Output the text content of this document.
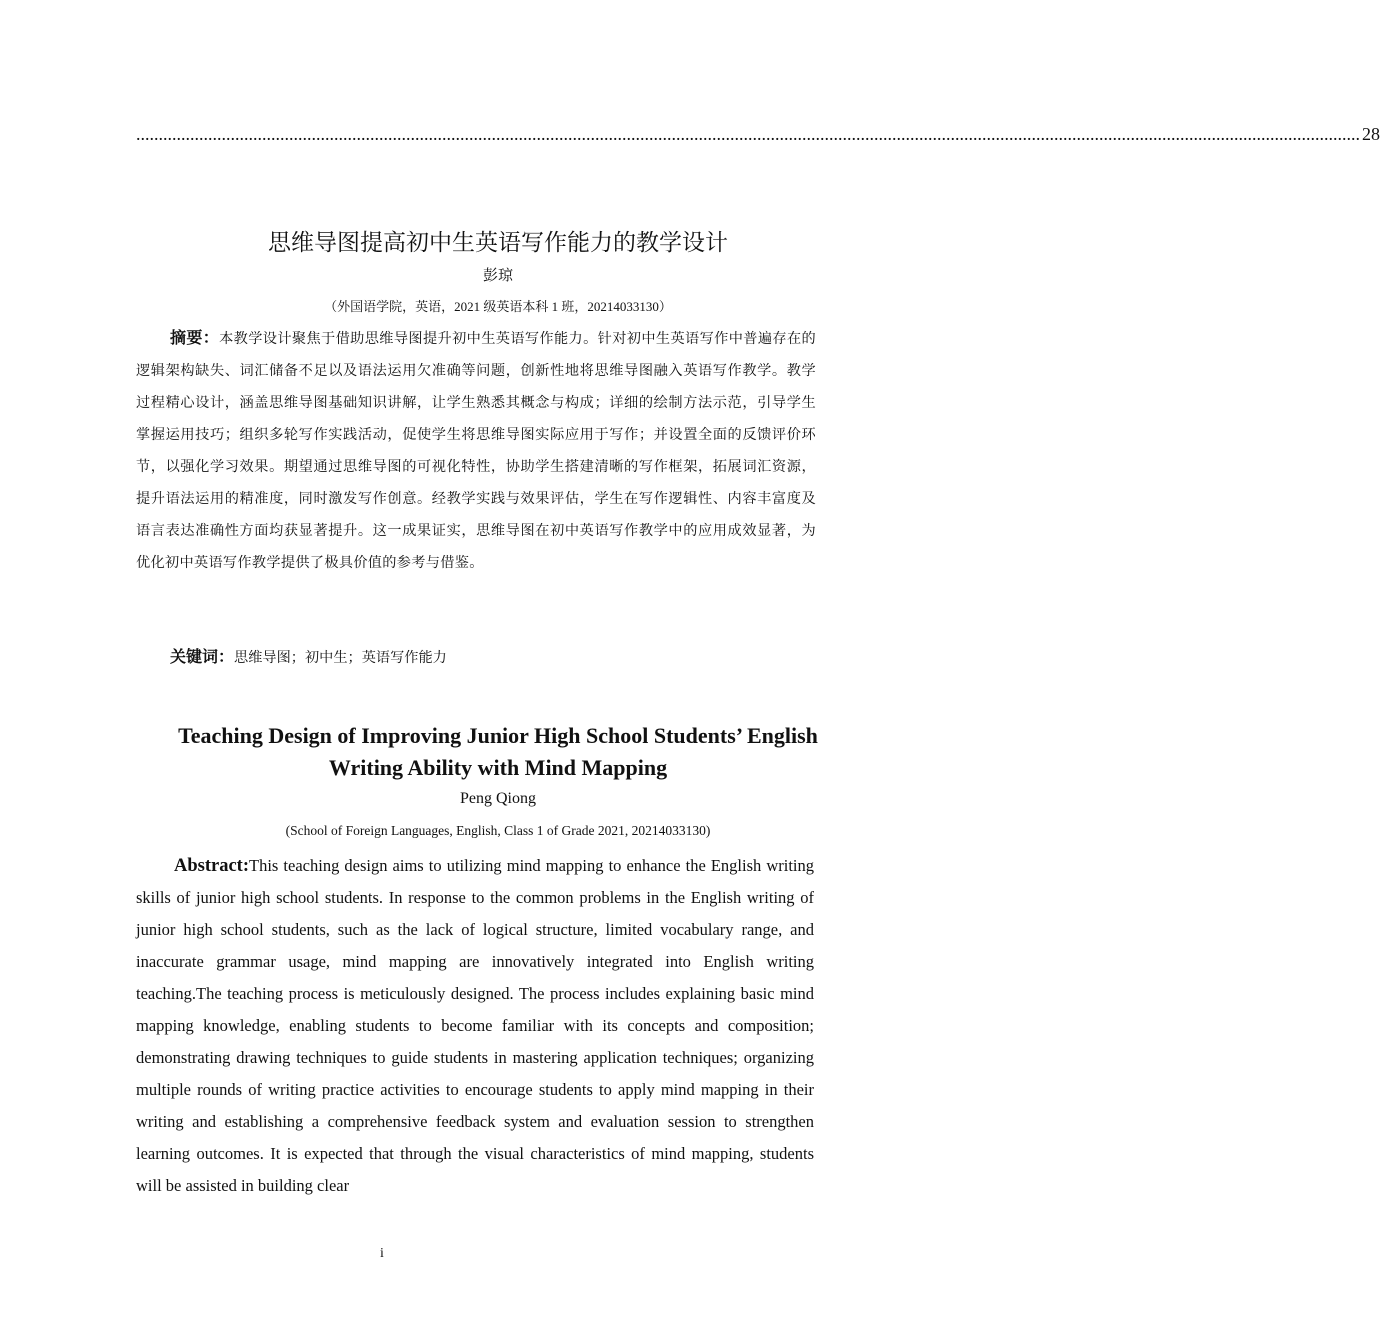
................................................................................................................................................................................................................................................................................ 28
思维导图提高初中生英语写作能力的教学设计
彭琼
（外国语学院，英语，2021 级英语本科 1 班，20214033130）
摘要：本教学设计聚焦于借助思维导图提升初中生英语写作能力。针对初中生英语写作中普遍存在的逻辑架构缺失、词汇储备不足以及语法运用欠准确等问题，创新性地将思维导图融入英语写作教学。教学过程精心设计，涵盖思维导图基础知识讲解，让学生熟悉其概念与构成；详细的绘制方法示范，引导学生掌握运用技巧；组织多轮写作实践活动，促使学生将思维导图实际应用于写作；并设置全面的反馈评价环节，以强化学习效果。期望通过思维导图的可视化特性，协助学生搭建清晰的写作框架，拓展词汇资源，提升语法运用的精准度，同时激发写作创意。经教学实践与效果评估，学生在写作逻辑性、内容丰富度及语言表达准确性方面均获显著提升。这一成果证实，思维导图在初中英语写作教学中的应用成效显著，为优化初中英语写作教学提供了极具价值的参考与借鉴。
关键词：思维导图；初中生；英语写作能力
Teaching Design of Improving Junior High School Students’ English Writing Ability with Mind Mapping
Peng Qiong
(School of Foreign Languages, English, Class 1 of Grade 2021, 20214033130)
Abstract:This teaching design aims to utilizing mind mapping to enhance the English writing skills of junior high school students. In response to the common problems in the English writing of junior high school students, such as the lack of logical structure, limited vocabulary range, and inaccurate grammar usage, mind mapping are innovatively integrated into English writing teaching.The teaching process is meticulously designed. The process includes explaining basic mind mapping knowledge, enabling students to become familiar with its concepts and composition; demonstrating drawing techniques to guide students in mastering application techniques; organizing multiple rounds of writing practice activities to encourage students to apply mind mapping in their writing and establishing a comprehensive feedback system and evaluation session to strengthen learning outcomes. It is expected that through the visual characteristics of mind mapping, students will be assisted in building clear
i
